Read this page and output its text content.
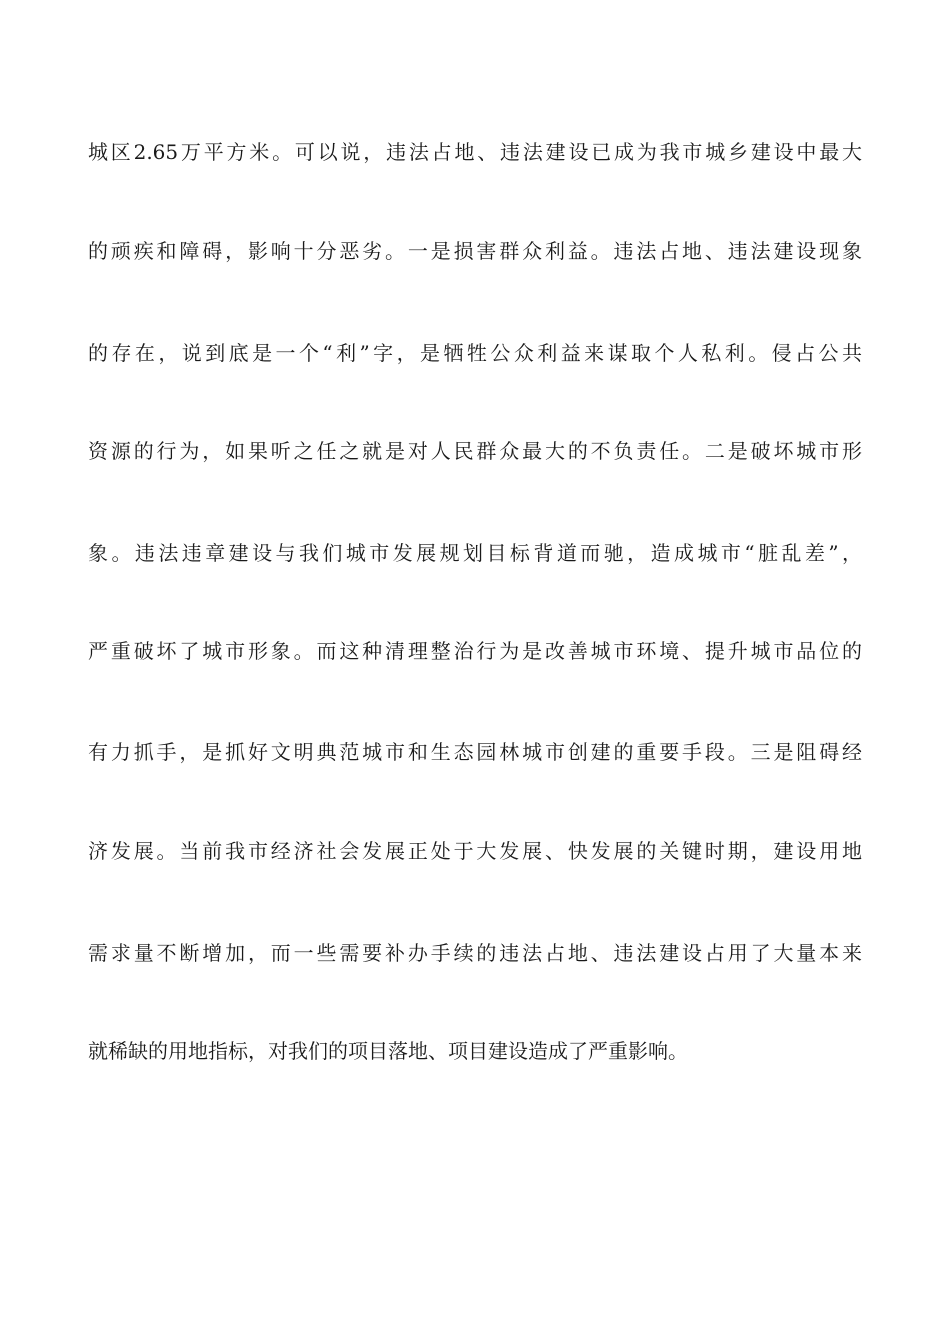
城区2.65万平方米。可以说，违法占地、违法建设已成为我市城乡建设中最大
的顽疾和障碍，影响十分恶劣。一是损害群众利益。违法占地、违法建设现象
的存在，说到底是一个“利”字，是牺牲公众利益来谋取个人私利。侵占公共
资源的行为，如果听之任之就是对人民群众最大的不负责任。二是破坏城市形
象。违法违章建设与我们城市发展规划目标背道而驰，造成城市“脏乱差”，
严重破坏了城市形象。而这种清理整治行为是改善城市环境、提升城市品位的
有力抓手，是抓好文明典范城市和生态园林城市创建的重要手段。三是阻碍经
济发展。当前我市经济社会发展正处于大发展、快发展的关键时期，建设用地
需求量不断增加，而一些需要补办手续的违法占地、违法建设占用了大量本来
就稀缺的用地指标，对我们的项目落地、项目建设造成了严重影响。
